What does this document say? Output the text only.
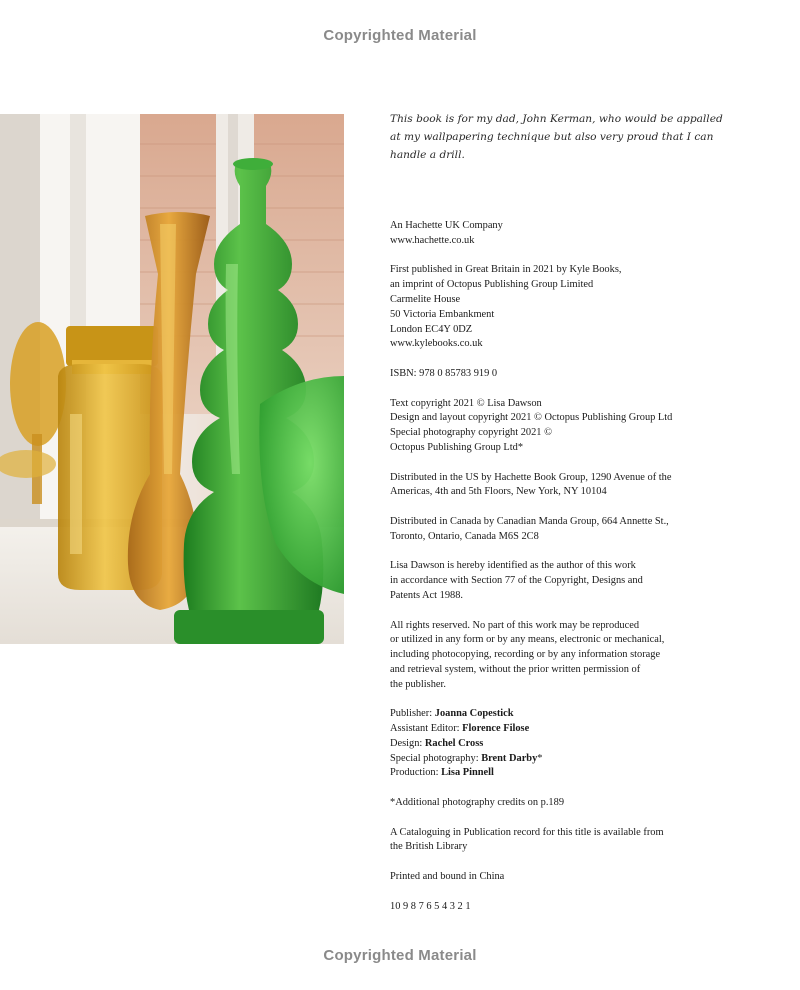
Copyrighted Material

This book is for my dad, John Kerman, who would be appalled
at my wallpapering technique but also very proud that I can
handle a drill.

An Hachette UK Company
www.hachette.co.uk
First published in Great Britain in 2021 by Kyle Books,
an imprint of Octopus Publishing Group Limited
Carmelite House
50 Victoria Embankment
London EC4Y 0DZ
www.kylebooks.co.uk
ISBN: 978 0 85783 919 0
Text copyright 2021 © Lisa Dawson
Design and layout copyright 2021 © Octopus Publishing Group Ltd
Special photography copyright 2021 ©
Octopus Publishing Group Ltd*
Distributed in the US by Hachette Book Group, 1290 Avenue of the
Americas, 4th and 5th Floors, New York, NY 10104
Distributed in Canada by Canadian Manda Group, 664 Annette St.,
Toronto, Ontario, Canada M6S 2C8
Lisa Dawson is hereby identified as the author of this work
in accordance with Section 77 of the Copyright, Designs and
Patents Act 1988.
All rights reserved. No part of this work may be reproduced
or utilized in any form or by any means, electronic or mechanical,
including photocopying, recording or by any information storage
and retrieval system, without the prior written permission of
the publisher.
Publisher: Joanna Copestick
Assistant Editor: Florence Filose
Design: Rachel Cross
Special photography: Brent Darby*
Production: Lisa Pinnell
*Additional photography credits on p.189
A Cataloguing in Publication record for this title is available from
the British Library
Printed and bound in China
10 9 8 7 6 5 4 3 2 1
Copyrighted Material
